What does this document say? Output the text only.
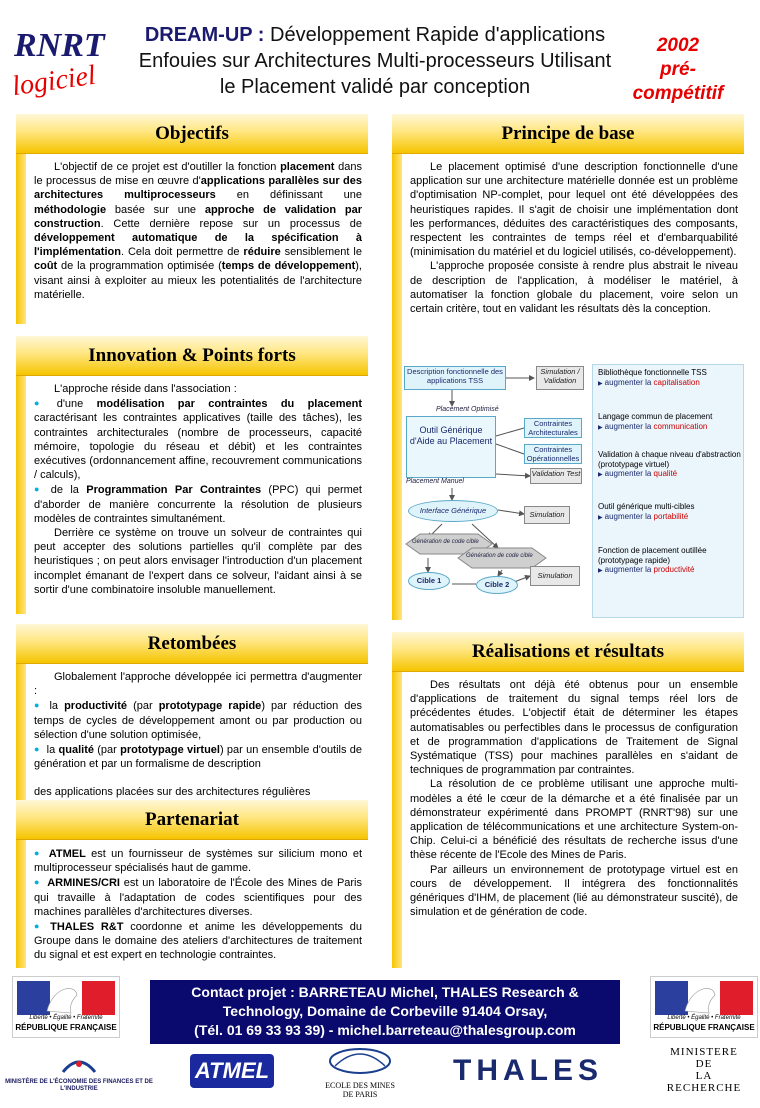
RNRT
logiciel
DREAM-UP : Développement Rapide d'applications
Enfouies sur Architectures Multi-processeurs Utilisant
le Placement validé par conception
2002
pré-
compétitif
Objectifs

L'objectif de ce projet est d'outiller la fonction placement dans le processus de mise en œuvre d'applications parallèles sur des architectures multiprocesseurs en définissant une méthodologie basée sur une approche de validation par construction. Cette dernière repose sur un processus de développement automatique de la spécification à l'implémentation. Cela doit permettre de réduire sensiblement le coût de la programmation optimisée (temps de développement), visant ainsi à exploiter au mieux les potentialités de l'architecture matérielle.

Innovation & Points forts

L'approche réside dans l'association :

● d'une modélisation par contraintes du placement caractérisant les contraintes applicatives (taille des tâches), les contraintes architecturales (nombre de processeurs, capacité mémoire, topologie du réseau et débit) et les contraintes exécutives (ordonnancement affine, recouvrement communications / calculs),

● de la Programmation Par Contraintes (PPC) qui permet d'aborder de manière concurrente la résolution de plusieurs modèles de contraintes simultanément.

Derrière ce système on trouve un solveur de contraintes qui peut accepter des solutions partielles qu'il complète par des heuristiques ; on peut alors envisager l'introduction d'un placement incomplet émanant de l'expert dans ce solveur, l'aidant ainsi à se sortir d'une combinatoire insoluble manuellement.

Retombées

Globalement l'approche développée ici permettra d'augmenter :

● la productivité (par prototypage rapide) par réduction des temps de cycles de développement amont ou par production ou sélection d'une solution optimisée,

● la qualité (par prototypage virtuel) par un ensemble d'outils de génération et par un formalisme de description

des applications placées sur des architectures régulières

Partenariat

● ATMEL est un fournisseur de systèmes sur silicium mono et multiprocesseur spécialisés haut de gamme.

● ARMINES/CRI est un laboratoire de l'École des Mines de Paris qui travaille à l'adaptation de codes scientifiques pour des machines parallèles d'architectures diverses.

● THALES R&T coordonne et anime les développements du Groupe dans le domaine des ateliers d'architectures de traitement du signal et est expert en technologie contraintes.

Principe de base

Le placement optimisé d'une description fonctionnelle d'une application sur une architecture matérielle donnée est un problème d'optimisation NP-complet, pour lequel ont été développées des heuristiques rapides. Il s'agit de choisir une implémentation dont les performances, déduites des caractéristiques des composants, respectent les contraintes de temps réel et d'embarquabilité (minimisation du matériel et du logiciel utilisés, co-développement).

L'approche proposée consiste à rendre plus abstrait le niveau de description de l'application, à modéliser le matériel, à automatiser la fonction globale du placement, voire selon un certain critère, tout en validant les résultats dès la conception.

Description fonctionnelle des applications TSS
Simulation / Validation
Placement Optimisé
Outil Générique d'Aide au Placement
Placement Manuel
Contraintes Architecturales
Contraintes Opérationnelles
Validation Test
Interface Générique	Simulation
Génération de code cible
Génération de code cible
Cible 1	Cible 2
Simulation
Bibliothèque fonctionnelle TSS
▶ augmenter la capitalisation
Langage commun de placement
▶ augmenter la communication
Validation à chaque niveau d'abstraction (prototypage virtuel)
▶ augmenter la qualité
Outil générique multi-cibles
▶ augmenter la portabilité
Fonction de placement outillée (prototypage rapide)
▶ augmenter la productivité
Réalisations et résultats

Des résultats ont déjà été obtenus pour un ensemble d'applications de traitement du signal temps réel lors de précédentes études. L'objectif était de déterminer les étapes automatisables ou perfectibles dans le processus de configuration et de programmation d'applications de Traitement de Signal Systématique (TSS) pour machines parallèles en s'aidant de techniques de programmation par contraintes.

La résolution de ce problème utilisant une approche multi-modèles a été le cœur de la démarche et a été finalisée par un démonstrateur expérimenté dans PROMPT (RNRT'98) sur une application de télécommunications et une architecture System-on-Chip. Celui-ci a bénéficié des résultats de recherche issus d'une thèse récente de l'Ecole des Mines de Paris.

Par ailleurs un environnement de prototypage virtuel est en cours de développement. Il intégrera des fonctionnalités génériques d'IHM, de placement (lié au démonstrateur suscité), de simulation et de génération de code.

Liberté • Égalité • Fraternité
RÉPUBLIQUE FRANÇAISE
Contact projet : BARRETEAU Michel, THALES Research &
Technology, Domaine de Corbeville 91404 Orsay,
(Tél. 01 69 33 93 39) - michel.barreteau@thalesgroup.com
Liberté • Égalité • Fraternité
RÉPUBLIQUE FRANÇAISE
MINISTÈRE DE L'ÉCONOMIE DES FINANCES ET DE L'INDUSTRIE
ATMEL
ECOLE DES MINES
DE PARIS
THALES
MINISTERE
DE
LA
RECHERCHE
